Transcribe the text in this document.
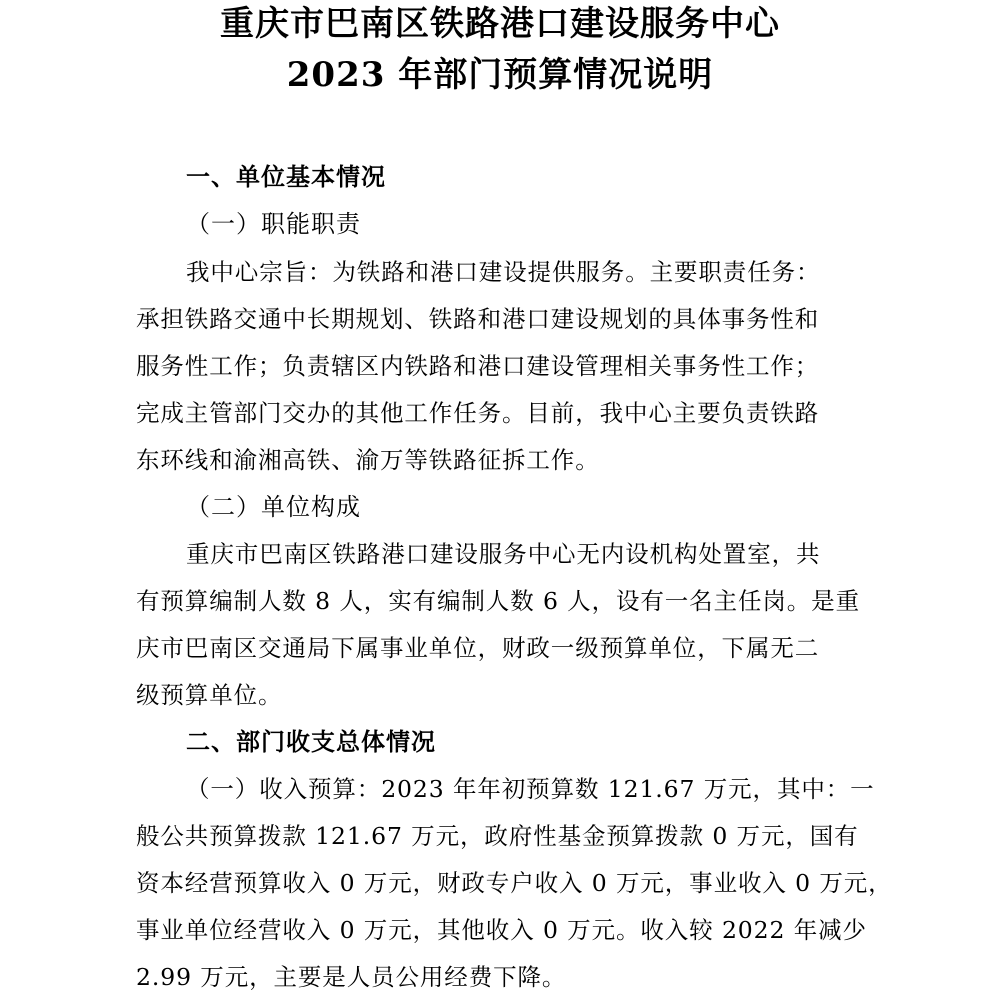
重庆市巴南区铁路港口建设服务中心
2023 年部门预算情况说明
一、单位基本情况
（一）职能职责
我中心宗旨：为铁路和港口建设提供服务。主要职责任务：
承担铁路交通中长期规划、铁路和港口建设规划的具体事务性和
服务性工作；负责辖区内铁路和港口建设管理相关事务性工作；
完成主管部门交办的其他工作任务。目前，我中心主要负责铁路
东环线和渝湘高铁、渝万等铁路征拆工作。
（二）单位构成
重庆市巴南区铁路港口建设服务中心无内设机构处置室，共
有预算编制人数 8 人，实有编制人数 6 人，设有一名主任岗。是重
庆市巴南区交通局下属事业单位，财政一级预算单位，下属无二
级预算单位。
二、部门收支总体情况
（一）收入预算：2023 年年初预算数 121.67 万元，其中：一
般公共预算拨款 121.67 万元，政府性基金预算拨款 0 万元，国有
资本经营预算收入 0 万元，财政专户收入 0 万元，事业收入 0 万元，
事业单位经营收入 0 万元，其他收入 0 万元。收入较 2022 年减少
2.99 万元，主要是人员公用经费下降。
